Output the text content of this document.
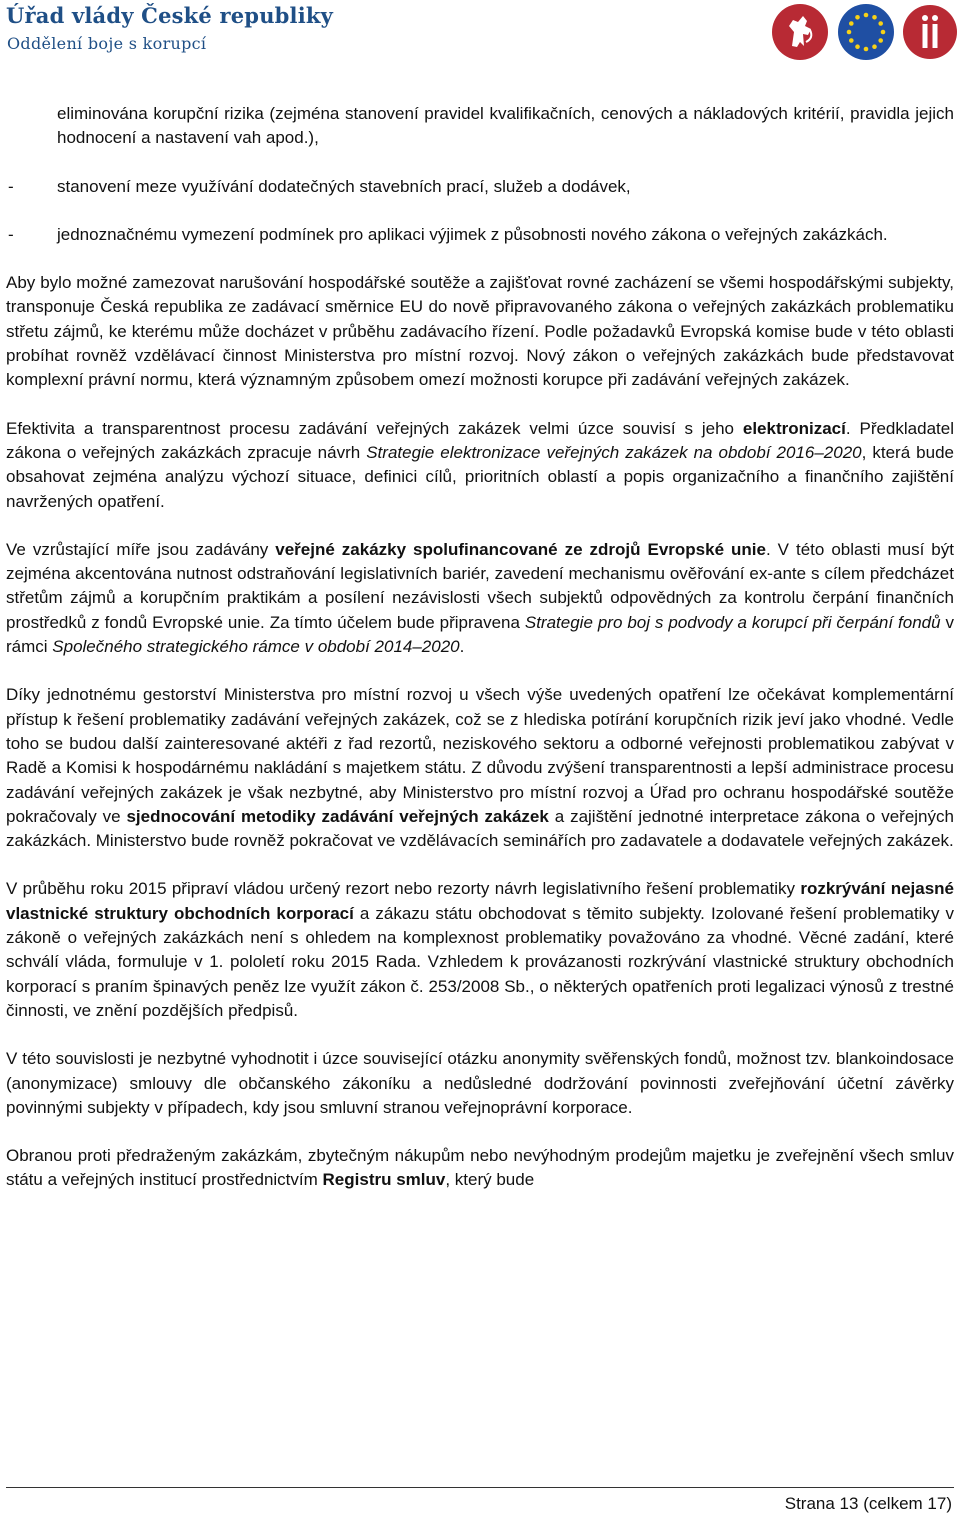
Úřad vlády České republiky
Oddělení boje s korupcí

eliminována korupční rizika (zejména stanovení pravidel kvalifikačních, cenových a nákladových kritérií, pravidla jejich hodnocení a nastavení vah apod.),

-	stanovení meze využívání dodatečných stavebních prací, služeb a dodávek,
-	jednoznačnému vymezení podmínek pro aplikaci výjimek z působnosti nového zákona o veřejných zakázkách.

Aby bylo možné zamezovat narušování hospodářské soutěže a zajišťovat rovné zacházení se všemi hospodářskými subjekty, transponuje Česká republika ze zadávací směrnice EU do nově připravovaného zákona o veřejných zakázkách problematiku střetu zájmů, ke kterému může docházet v průběhu zadávacího řízení. Podle požadavků Evropská komise bude v této oblasti probíhat rovněž vzdělávací činnost Ministerstva pro místní rozvoj. Nový zákon o veřejných zakázkách bude představovat komplexní právní normu, která významným způsobem omezí možnosti korupce při zadávání veřejných zakázek.

Efektivita a transparentnost procesu zadávání veřejných zakázek velmi úzce souvisí s jeho elektronizací. Předkladatel zákona o veřejných zakázkách zpracuje návrh Strategie elektronizace veřejných zakázek na období 2016–2020, která bude obsahovat zejména analýzu výchozí situace, definici cílů, prioritních oblastí a popis organizačního a finančního zajištění navržených opatření.

Ve vzrůstající míře jsou zadávány veřejné zakázky spolufinancované ze zdrojů Evropské unie. V této oblasti musí být zejména akcentována nutnost odstraňování legislativních bariér, zavedení mechanismu ověřování ex-ante s cílem předcházet střetům zájmů a korupčním praktikám a posílení nezávislosti všech subjektů odpovědných za kontrolu čerpání finančních prostředků z fondů Evropské unie. Za tímto účelem bude připravena Strategie pro boj s podvody a korupcí při čerpání fondů v rámci Společného strategického rámce v období 2014–2020.

Díky jednotnému gestorství Ministerstva pro místní rozvoj u všech výše uvedených opatření lze očekávat komplementární přístup k řešení problematiky zadávání veřejných zakázek, což se z hlediska potírání korupčních rizik jeví jako vhodné. Vedle toho se budou další zainteresované aktéři z řad rezortů, neziskového sektoru a odborné veřejnosti problematikou zabývat v Radě a Komisi k hospodárnému nakládání s majetkem státu. Z důvodu zvýšení transparentnosti a lepší administrace procesu zadávání veřejných zakázek je však nezbytné, aby Ministerstvo pro místní rozvoj a Úřad pro ochranu hospodářské soutěže pokračovaly ve sjednocování metodiky zadávání veřejných zakázek a zajištění jednotné interpretace zákona o veřejných zakázkách. Ministerstvo bude rovněž pokračovat ve vzdělávacích seminářích pro zadavatele a dodavatele veřejných zakázek.

V průběhu roku 2015 připraví vládou určený rezort nebo rezorty návrh legislativního řešení problematiky rozkrývání nejasné vlastnické struktury obchodních korporací a zákazu státu obchodovat s těmito subjekty. Izolované řešení problematiky v zákoně o veřejných zakázkách není s ohledem na komplexnost problematiky považováno za vhodné. Věcné zadání, které schválí vláda, formuluje v 1. pololetí roku 2015 Rada. Vzhledem k provázanosti rozkrývání vlastnické struktury obchodních korporací s praním špinavých peněz lze využít zákon č. 253/2008 Sb., o některých opatřeních proti legalizaci výnosů z trestné činnosti, ve znění pozdějších předpisů.

V této souvislosti je nezbytné vyhodnotit i úzce související otázku anonymity svěřenských fondů, možnost tzv. blankoindosace (anonymizace) smlouvy dle občanského zákoníku a nedůsledné dodržování povinnosti zveřejňování účetní závěrky povinnými subjekty v případech, kdy jsou smluvní stranou veřejnoprávní korporace.

Obranou proti předraženým zakázkám, zbytečným nákupům nebo nevýhodným prodejům majetku je zveřejnění všech smluv státu a veřejných institucí prostřednictvím Registru smluv, který bude

Strana 13 (celkem 17)
